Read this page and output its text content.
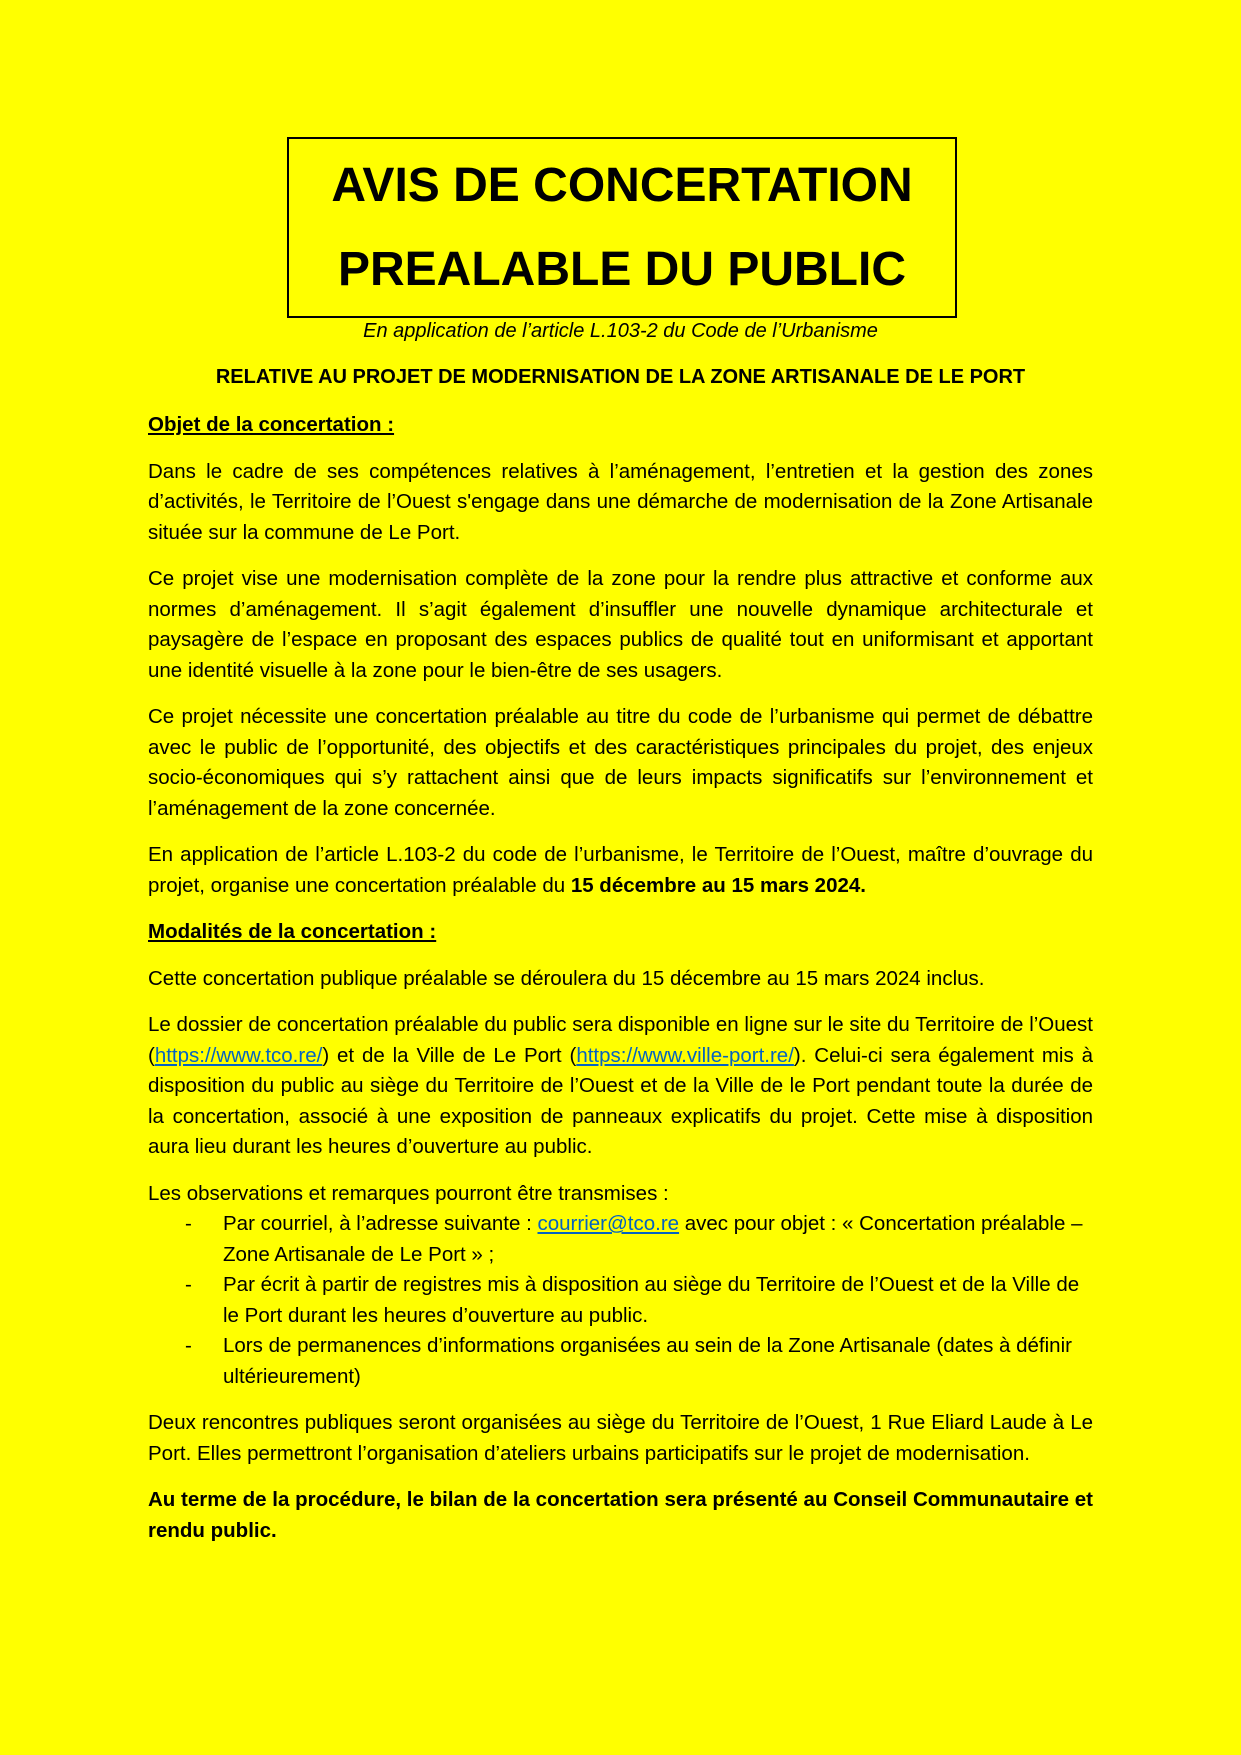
AVIS DE CONCERTATION
PREALABLE DU PUBLIC
En application de l’article L.103-2 du Code de l’Urbanisme
RELATIVE AU PROJET DE MODERNISATION DE LA ZONE ARTISANALE DE LE PORT
Objet de la concertation :

Dans le cadre de ses compétences relatives à l’aménagement, l’entretien et la gestion des zones d’activités, le Territoire de l’Ouest s'engage dans une démarche de modernisation de la Zone Artisanale située sur la commune de Le Port.

Ce projet vise une modernisation complète de la zone pour la rendre plus attractive et conforme aux normes d’aménagement. Il s’agit également d’insuffler une nouvelle dynamique architecturale et paysagère de l’espace en proposant des espaces publics de qualité tout en uniformisant et apportant une identité visuelle à la zone pour le bien-être de ses usagers.

Ce projet nécessite une concertation préalable au titre du code de l’urbanisme qui permet de débattre avec le public de l’opportunité, des objectifs et des caractéristiques principales du projet, des enjeux socio-économiques qui s’y rattachent ainsi que de leurs impacts significatifs sur l’environnement et l’aménagement de la zone concernée.

En application de l’article L.103-2 du code de l’urbanisme, le Territoire de l’Ouest, maître d’ouvrage du projet, organise une concertation préalable du 15 décembre au 15 mars 2024.

Modalités de la concertation :

Cette concertation publique préalable se déroulera du 15 décembre au 15 mars 2024 inclus.

Le dossier de concertation préalable du public sera disponible en ligne sur le site du Territoire de l’Ouest (https://www.tco.re/) et de la Ville de Le Port (https://www.ville-port.re/). Celui-ci sera également mis à disposition du public au siège du Territoire de l’Ouest et de la Ville de le Port pendant toute la durée de la concertation, associé à une exposition de panneaux explicatifs du projet. Cette mise à disposition aura lieu durant les heures d’ouverture au public.

Les observations et remarques pourront être transmises :

- Par courriel, à l’adresse suivante : courrier@tco.re avec pour objet : « Concertation préalable – Zone Artisanale de Le Port » ;
- Par écrit à partir de registres mis à disposition au siège du Territoire de l’Ouest et de la Ville de le Port durant les heures d’ouverture au public.
- Lors de permanences d’informations organisées au sein de la Zone Artisanale (dates à définir ultérieurement)

Deux rencontres publiques seront organisées au siège du Territoire de l’Ouest, 1 Rue Eliard Laude à Le Port. Elles permettront l’organisation d’ateliers urbains participatifs sur le projet de modernisation.

Au terme de la procédure, le bilan de la concertation sera présenté au Conseil Communautaire et rendu public.
